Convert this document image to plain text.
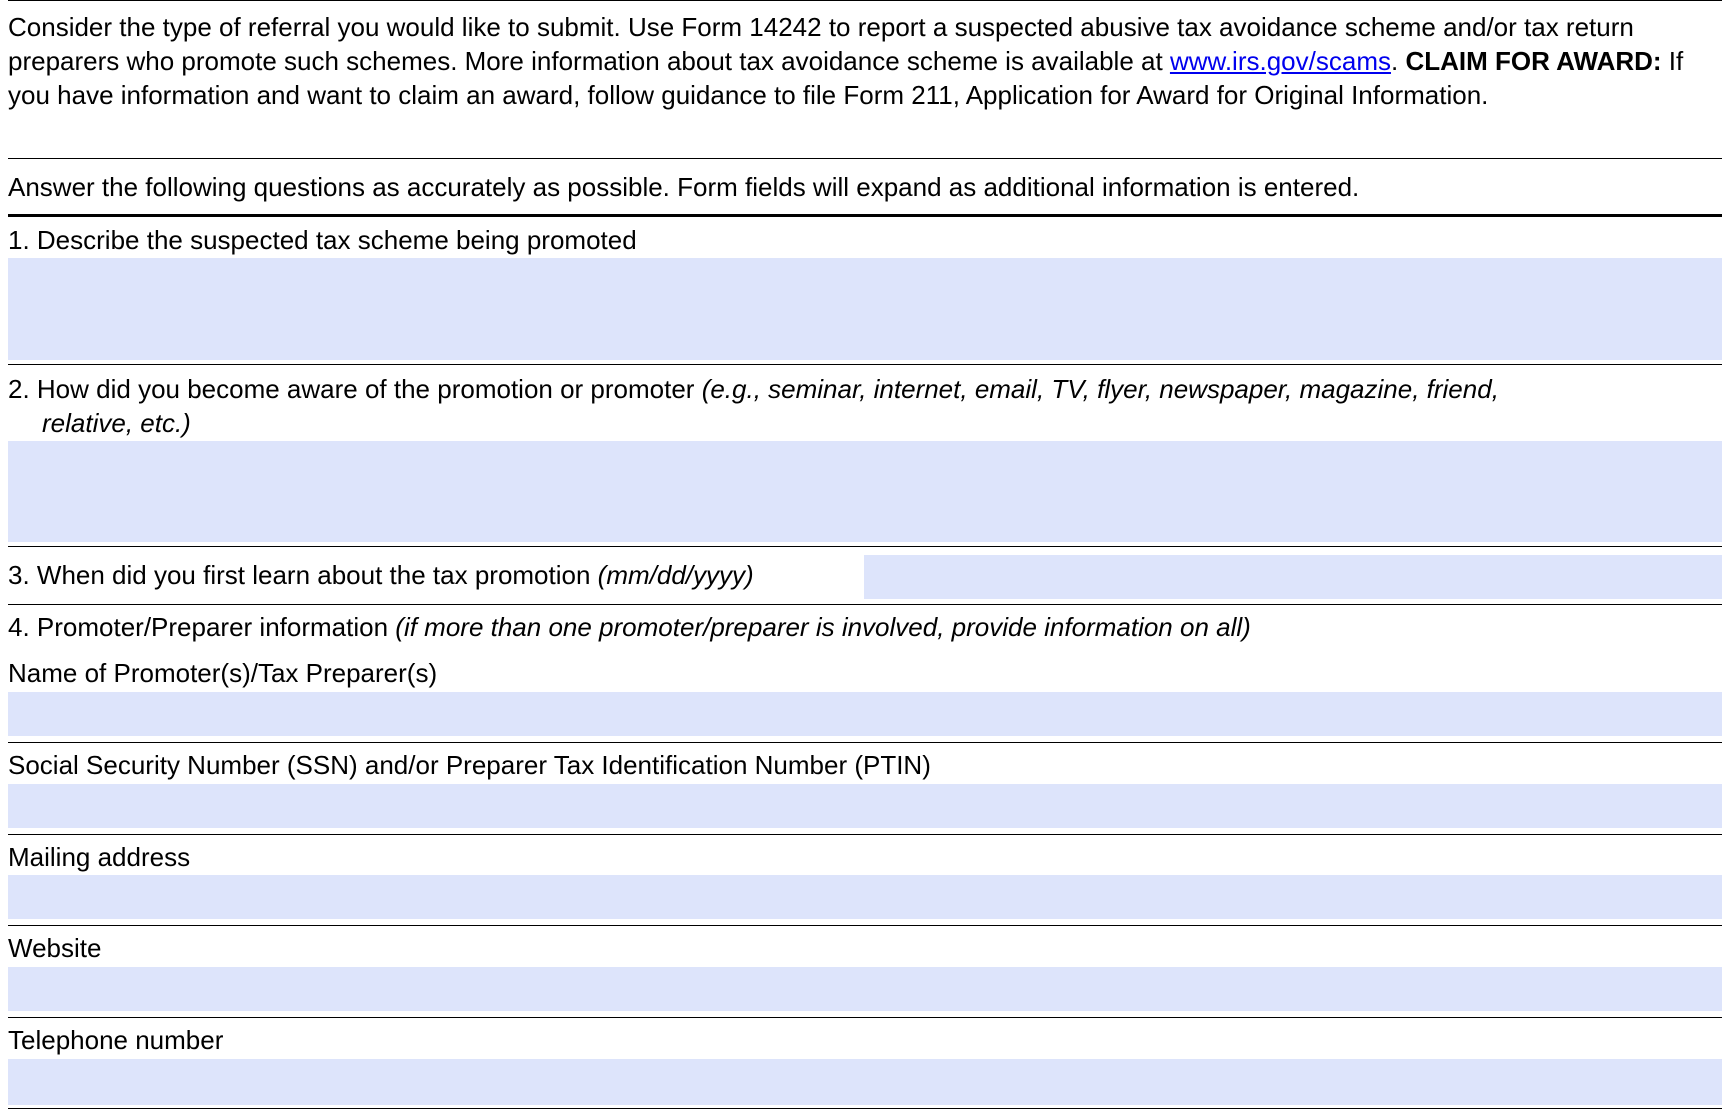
Consider the type of referral you would like to submit. Use Form 14242 to report a suspected abusive tax avoidance scheme and/or tax return preparers who promote such schemes. More information about tax avoidance scheme is available at www.irs.gov/scams. CLAIM FOR AWARD: If you have information and want to claim an award, follow guidance to file Form 211, Application for Award for Original Information.

Answer the following questions as accurately as possible. Form fields will expand as additional information is entered.
1. Describe the suspected tax scheme being promoted
2. How did you become aware of the promotion or promoter (e.g., seminar, internet, email, TV, flyer, newspaper, magazine, friend,
relative, etc.)
3. When did you first learn about the tax promotion (mm/dd/yyyy)
4. Promoter/Preparer information (if more than one promoter/preparer is involved, provide information on all)
Name of Promoter(s)/Tax Preparer(s)
Social Security Number (SSN) and/or Preparer Tax Identification Number (PTIN)
Mailing address
Website
Telephone number
